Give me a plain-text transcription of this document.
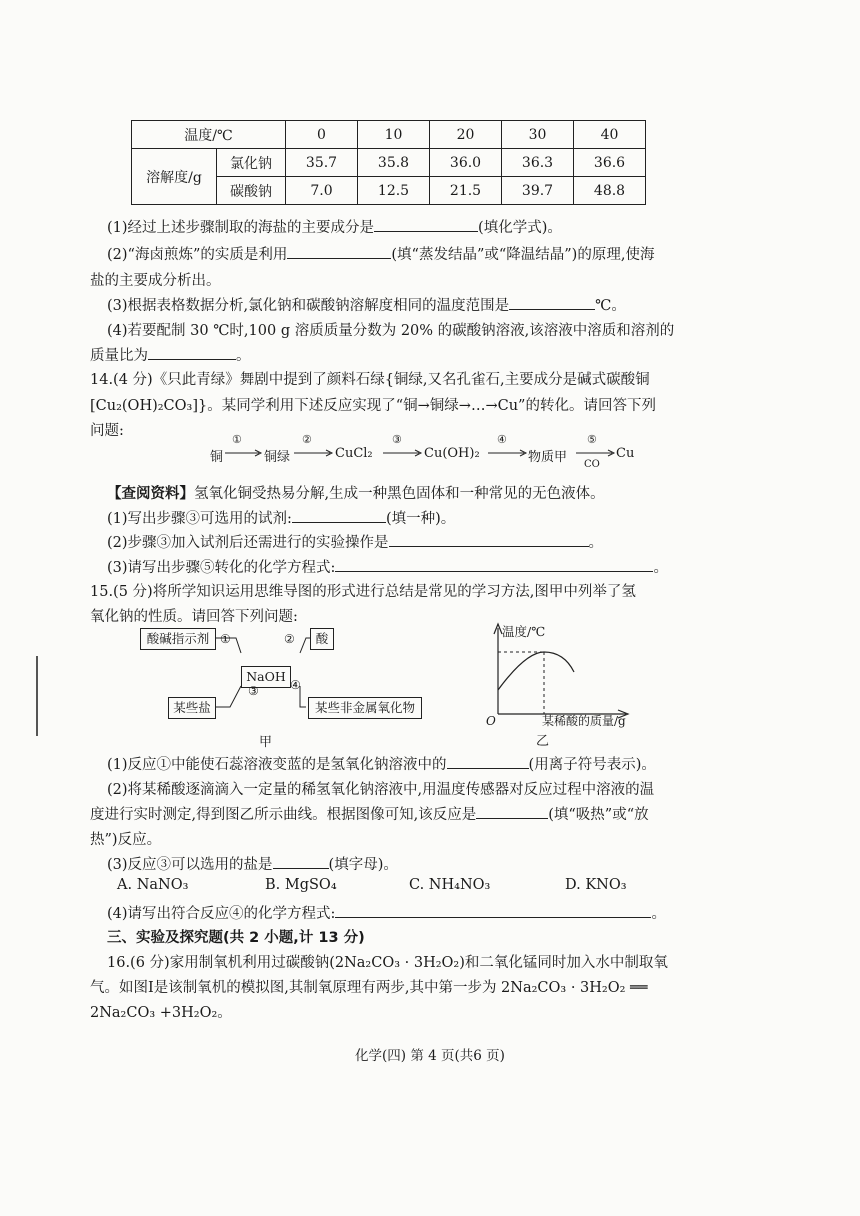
温度/℃		0	10	20	30	40
溶解度/g	氯化钠	35.7	35.8	36.0	36.3	36.6
	碳酸钠	7.0	12.5	21.5	39.7	48.8
(1)经过上述步骤制取的海盐的主要成分是	(填化学式)。
(2)“海卤煎炼”的实质是利用	(填“蒸发结晶”或“降温结晶”)的原理,使海
盐的主要成分析出。
(3)根据表格数据分析,氯化钠和碳酸钠溶解度相同的温度范围是	℃。
(4)若要配制 30 ℃时,100 g 溶质质量分数为 20% 的碳酸钠溶液,该溶液中溶质和溶剂的
质量比为	。
14.(4 分)《只此青绿》舞剧中提到了颜料石绿{铜绿,又名孔雀石,主要成分是碱式碳酸铜
[Cu₂(OH)₂CO₃]}。某同学利用下述反应实现了“铜→铜绿→…→Cu”的转化。请回答下列
问题:
铜
①
铜绿
②
CuCl₂
③
Cu(OH)₂
④
物质甲
⑤
CO
Cu
【查阅资料】氢氧化铜受热易分解,生成一种黑色固体和一种常见的无色液体。
(1)写出步骤③可选用的试剂:	(填一种)。
(2)步骤③加入试剂后还需进行的实验操作是	。
(3)请写出步骤⑤转化的化学方程式:	。
15.(5 分)将所学知识运用思维导图的形式进行总结是常见的学习方法,图甲中列举了氢
氧化钠的性质。请回答下列问题:
酸碱指示剂 ①	②	酸
NaOH
③	④
某些盐	某些非金属氧化物
甲
温度/℃
O	某稀酸的质量/g
乙
(1)反应①中能使石蕊溶液变蓝的是氢氧化钠溶液中的	(用离子符号表示)。
(2)将某稀酸逐滴滴入一定量的稀氢氧化钠溶液中,用温度传感器对反应过程中溶液的温
度进行实时测定,得到图乙所示曲线。根据图像可知,该反应是	(填“吸热”或“放
热”)反应。
(3)反应③可以选用的盐是	(填字母)。
A. NaNO₃	B. MgSO₄	C. NH₄NO₃	D. KNO₃
(4)请写出符合反应④的化学方程式:	。
三、实验及探究题(共 2 小题,计 13 分)
16.(6 分)家用制氧机利用过碳酸钠(2Na₂CO₃ · 3H₂O₂)和二氧化锰同时加入水中制取氧
气。如图Ⅰ是该制氧机的模拟图,其制氧原理有两步,其中第一步为 2Na₂CO₃ · 3H₂O₂ ══
2Na₂CO₃ +3H₂O₂。
化学(四) 第 4 页(共6 页)
